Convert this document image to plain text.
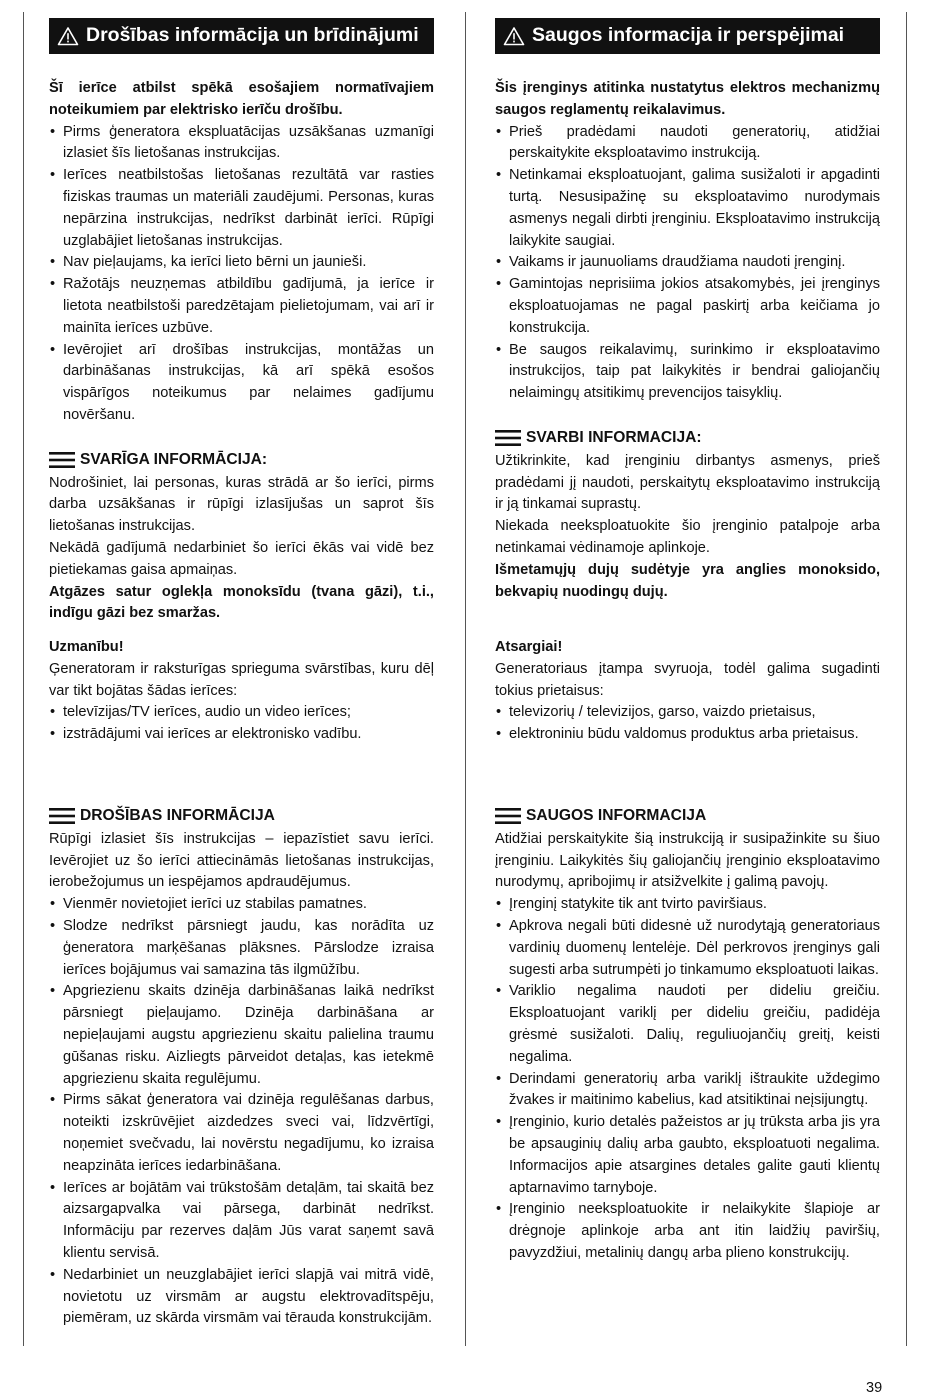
Drošības informācija un brīdinājumi

Šī ierīce atbilst spēkā esošajiem normatīvajiem noteikumiem par elektrisko ierīču drošību.

• Pirms ģeneratora ekspluatācijas uzsākšanas uzmanīgi izlasiet šīs lietošanas instrukcijas.
• Ierīces neatbilstošas lietošanas rezultātā var rasties fiziskas traumas un materiāli zaudējumi. Personas, kuras nepārzina instrukcijas, nedrīkst darbināt ierīci. Rūpīgi uzglabājiet lietošanas instrukcijas.
• Nav pieļaujams, ka ierīci lieto bērni un jaunieši.
• Ražotājs neuzņemas atbildību gadījumā, ja ierīce ir lietota neatbilstoši paredzētajam pielietojumam, vai arī ir mainīta ierīces uzbūve.
• Ievērojiet arī drošības instrukcijas, montāžas un darbināšanas instrukcijas, kā arī spēkā esošos vispārīgos noteikumus par nelaimes gadījumu novēršanu.
SVARĪGA INFORMĀCIJA:

Nodrošiniet, lai personas, kuras strādā ar šo ierīci, pirms darba uzsākšanas ir rūpīgi izlasījušas un saprot šīs lietošanas instrukcijas.

Nekādā gadījumā nedarbiniet šo ierīci ēkās vai vidē bez pietiekamas gaisa apmaiņas.

Atgāzes satur oglekļa monoksīdu (tvana gāzi), t.i., indīgu gāzi bez smaržas.

Uzmanību!

Ģeneratoram ir raksturīgas sprieguma svārstības, kuru dēļ var tikt bojātas šādas ierīces:

• televīzijas/TV ierīces, audio un video ierīces;
• izstrādājumi vai ierīces ar elektronisko vadību.
DROŠĪBAS INFORMĀCIJA

Rūpīgi izlasiet šīs instrukcijas – iepazīstiet savu ierīci. Ievērojiet uz šo ierīci attiecināmās lietošanas instrukcijas, ierobežojumus un iespējamos apdraudējumus.

• Vienmēr novietojiet ierīci uz stabilas pamatnes.
• Slodze nedrīkst pārsniegt jaudu, kas norādīta uz ģeneratora marķēšanas plāksnes. Pārslodze izraisa ierīces bojājumus vai samazina tās ilgmūžību.
• Apgriezienu skaits dzinēja darbināšanas laikā nedrīkst pārsniegt pieļaujamo. Dzinēja darbināšana ar nepieļaujami augstu apgriezienu skaitu palielina traumu gūšanas risku. Aizliegts pārveidot detaļas, kas ietekmē apgriezienu skaita regulējumu.
• Pirms sākat ģeneratora vai dzinēja regulēšanas darbus, noteikti izskrūvējiet aizdedzes sveci vai, līdzvērtīgi, noņemiet svečvadu, lai novērstu negadījumu, ko izraisa neapzināta ierīces iedarbināšana.
• Ierīces ar bojātām vai trūkstošām detaļām, tai skaitā bez aizsargapvalka vai pārsega, darbināt nedrīkst. Informāciju par rezerves daļām Jūs varat saņemt savā klientu servisā.
• Nedarbiniet un neuzglabājiet ierīci slapjā vai mitrā vidē, novietotu uz virsmām ar augstu elektrovadītspēju, piemēram, uz skārda virsmām vai tērauda konstrukcijām.
Saugos informacija ir perspėjimai

Šis įrenginys atitinka nustatytus elektros mechanizmų saugos reglamentų reikalavimus.

• Prieš pradėdami naudoti generatorių, atidžiai perskaitykite eksploatavimo instrukciją.
• Netinkamai eksploatuojant, galima susižaloti ir apgadinti turtą. Nesusipažinę su eksploatavimo nurodymais asmenys negali dirbti įrenginiu. Eksploatavimo instrukciją laikykite saugiai.
• Vaikams ir jaunuoliams draudžiama naudoti įrenginį.
• Gamintojas neprisiima jokios atsakomybės, jei įrenginys eksploatuojamas ne pagal paskirtį arba keičiama jo konstrukcija.
• Be saugos reikalavimų, surinkimo ir eksploatavimo instrukcijos, taip pat laikykitės ir bendrai galiojančių nelaimingų atsitikimų prevencijos taisyklių.
SVARBI INFORMACIJA:

Užtikrinkite, kad įrenginiu dirbantys asmenys, prieš pradėdami jį naudoti, perskaitytų eksploatavimo instrukciją ir ją tinkamai suprastų.

Niekada neeksploatuokite šio įrenginio patalpoje arba netinkamai vėdinamoje aplinkoje.

Išmetamųjų dujų sudėtyje yra anglies monoksido, bekvapių nuodingų dujų.

Atsargiai!

Generatoriaus įtampa svyruoja, todėl galima sugadinti tokius prietaisus:

• televizorių / televizijos, garso, vaizdo prietaisus,
• elektroniniu būdu valdomus produktus arba prietaisus.
SAUGOS INFORMACIJA

Atidžiai perskaitykite šią instrukciją ir susipažinkite su šiuo įrenginiu. Laikykitės šių galiojančių įrenginio eksploatavimo nurodymų, apribojimų ir atsižvelkite į galimą pavojų.

• Įrenginį statykite tik ant tvirto paviršiaus.
• Apkrova negali būti didesnė už nurodytąją generatoriaus vardinių duomenų lentelėje. Dėl perkrovos įrenginys gali sugesti arba sutrumpėti jo tinkamumo eksploatuoti laikas.
• Variklio negalima naudoti per dideliu greičiu. Eksploatuojant variklį per dideliu greičiu, padidėja grėsmė susižaloti. Dalių, reguliuojančių greitį, keisti negalima.
• Derindami generatorių arba variklį ištraukite uždegimo žvakes ir maitinimo kabelius, kad atsitiktinai neįsijungtų.
• Įrenginio, kurio detalės pažeistos ar jų trūksta arba jis yra be apsauginių dalių arba gaubto, eksploatuoti negalima. Informacijos apie atsargines detales galite gauti klientų aptarnavimo tarnyboje.
• Įrenginio neeksploatuokite ir nelaikykite šlapioje ar drėgnoje aplinkoje arba ant itin laidžių paviršių, pavyzdžiui, metalinių dangų arba plieno konstrukcijų.
39
